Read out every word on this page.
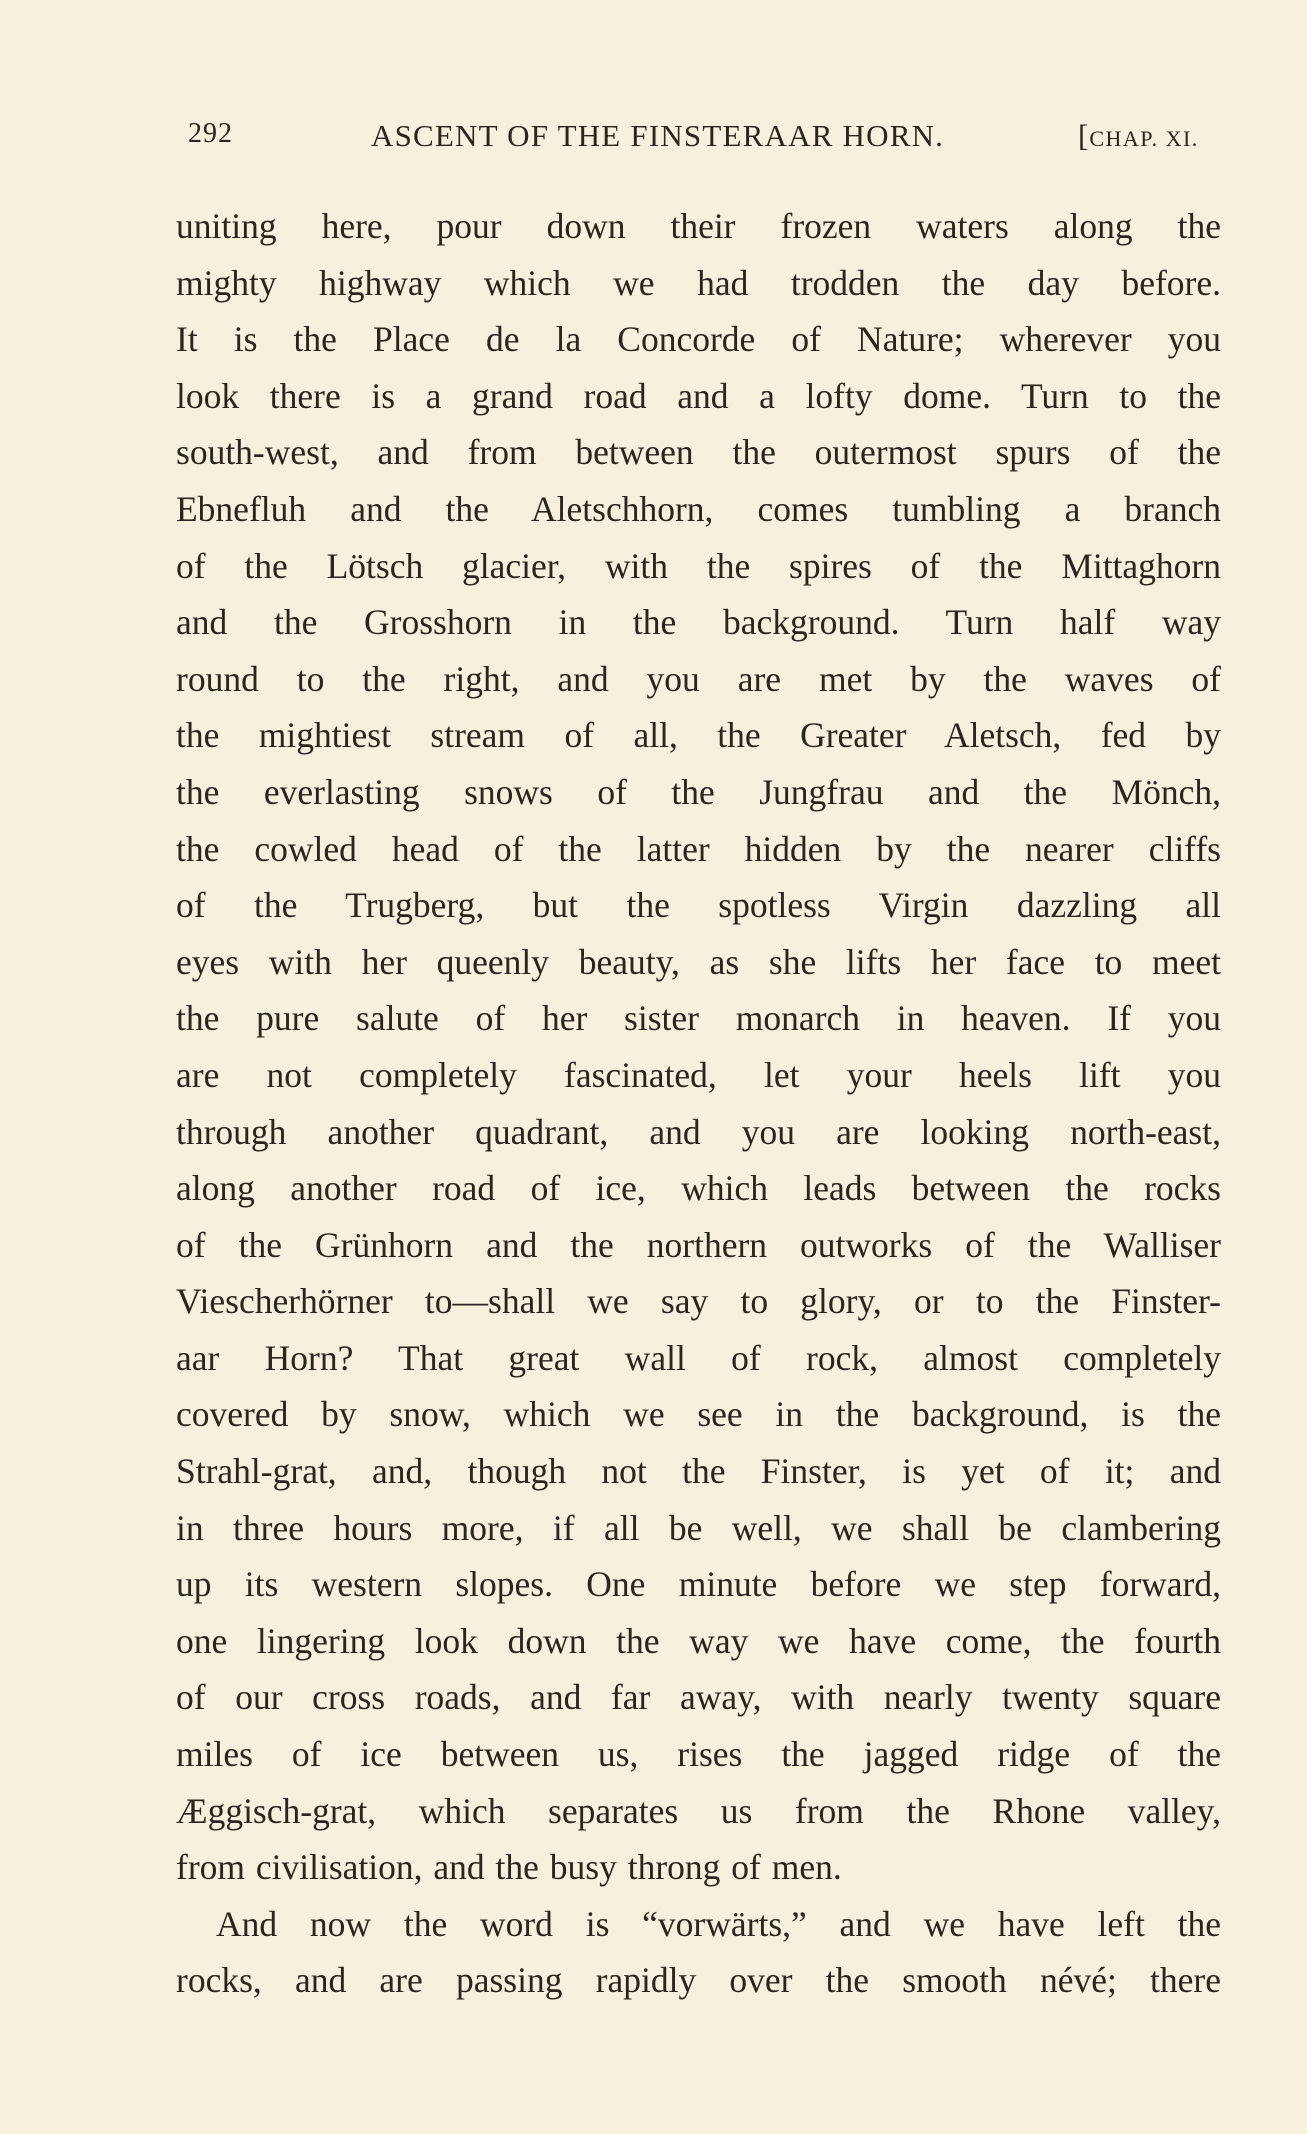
292	ASCENT OF THE FINSTERAAR HORN.	[CHAP. XI.
uniting here, pour down their frozen waters along the
mighty highway which we had trodden the day before.
It is the Place de la Concorde of Nature; wherever you
look there is a grand road and a lofty dome. Turn to the
south-west, and from between the outermost spurs of the
Ebnefluh and the Aletschhorn, comes tumbling a branch
of the Lötsch glacier, with the spires of the Mittaghorn
and the Grosshorn in the background. Turn half way
round to the right, and you are met by the waves of
the mightiest stream of all, the Greater Aletsch, fed by
the everlasting snows of the Jungfrau and the Mönch,
the cowled head of the latter hidden by the nearer cliffs
of the Trugberg, but the spotless Virgin dazzling all
eyes with her queenly beauty, as she lifts her face to meet
the pure salute of her sister monarch in heaven. If you
are not completely fascinated, let your heels lift you
through another quadrant, and you are looking north-east,
along another road of ice, which leads between the rocks
of the Grünhorn and the northern outworks of the Walliser
Viescherhörner to—shall we say to glory, or to the Finster-
aar Horn? That great wall of rock, almost completely
covered by snow, which we see in the background, is the
Strahl-grat, and, though not the Finster, is yet of it; and
in three hours more, if all be well, we shall be clambering
up its western slopes. One minute before we step forward,
one lingering look down the way we have come, the fourth
of our cross roads, and far away, with nearly twenty square
miles of ice between us, rises the jagged ridge of the
Æggisch-grat, which separates us from the Rhone valley,
from civilisation, and the busy throng of men.
And now the word is “vorwärts,” and we have left the
rocks, and are passing rapidly over the smooth névé; there
